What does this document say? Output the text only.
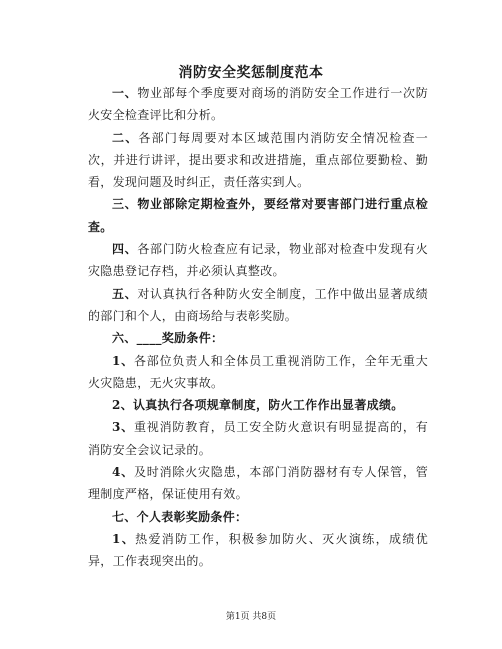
消防安全奖惩制度范本

一、物业部每个季度要对商场的消防安全工作进行一次防火安全检查评比和分析。

二、各部门每周要对本区域范围内消防安全情况检查一次，并进行讲评，提出要求和改进措施，重点部位要勤检、勤看，发现问题及时纠正，责任落实到人。

三、物业部除定期检查外，要经常对要害部门进行重点检查。

四、各部门防火检查应有记录，物业部对检查中发现有火灾隐患登记存档，并必须认真整改。

五、对认真执行各种防火安全制度，工作中做出显著成绩的部门和个人，由商场给与表彰奖励。

六、____奖励条件：

1、各部位负责人和全体员工重视消防工作，全年无重大火灾隐患，无火灾事故。

2、认真执行各项规章制度，防火工作作出显著成绩。

3、重视消防教育，员工安全防火意识有明显提高的，有消防安全会议记录的。

4、及时消除火灾隐患，本部门消防器材有专人保管，管理制度严格，保证使用有效。

七、个人表彰奖励条件：

1、热爱消防工作，积极参加防火、灭火演练，成绩优异，工作表现突出的。

第1页 共8页
